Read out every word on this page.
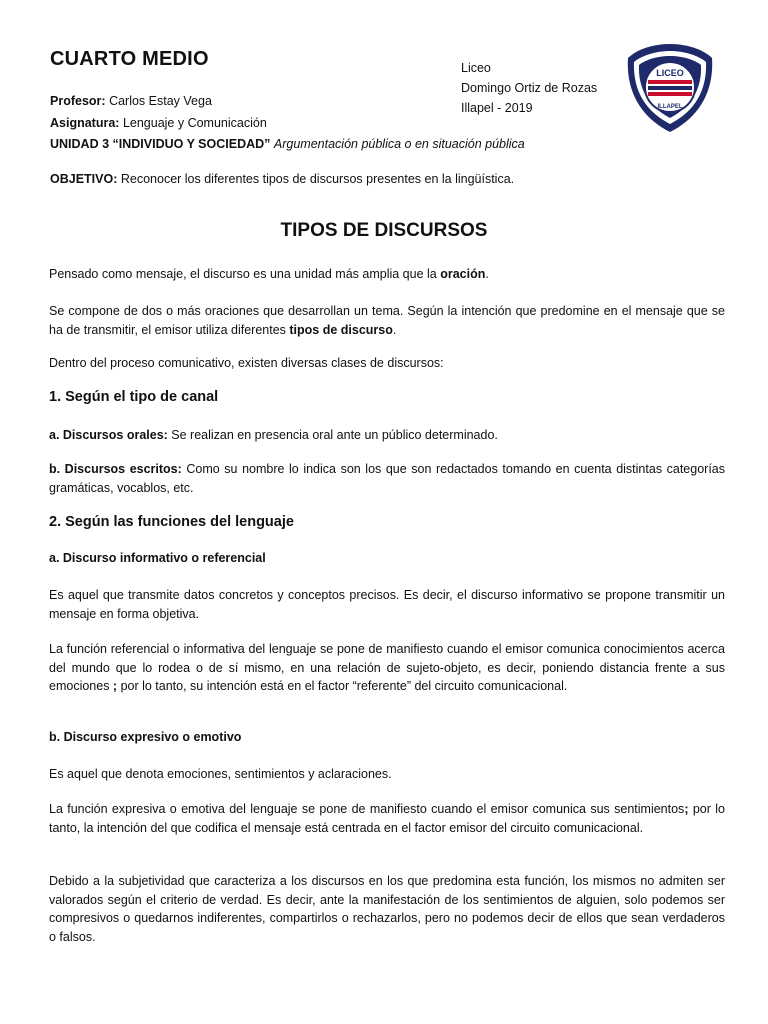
CUARTO MEDIO
Profesor: Carlos Estay Vega
Asignatura: Lenguaje y Comunicación
UNIDAD 3 “INDIVIDUO Y SOCIEDAD” Argumentación pública o en situación pública
OBJETIVO: Reconocer los diferentes tipos de discursos presentes en la lingüística.
Liceo
Domingo Ortiz de Rozas
Illapel - 2019
LICEO
ILLAPEL
TIPOS DE DISCURSOS
Pensado como mensaje, el discurso es una unidad más amplia que la oración.
Se compone de dos o más oraciones que desarrollan un tema. Según la intención que predomine en el mensaje que se ha de transmitir, el emisor utiliza diferentes tipos de discurso.
Dentro del proceso comunicativo, existen diversas clases de discursos:
1. Según el tipo de canal
a. Discursos orales: Se realizan en presencia oral ante un público determinado.
b. Discursos escritos: Como su nombre lo indica son los que son redactados tomando en cuenta distintas categorías gramáticas, vocablos, etc.
2. Según las funciones del lenguaje
a. Discurso informativo o referencial
Es aquel que transmite datos concretos y conceptos precisos. Es decir, el discurso informativo se propone transmitir un mensaje en forma objetiva.
La función referencial o informativa del lenguaje se pone de manifiesto cuando el emisor comunica conocimientos acerca del mundo que lo rodea o de sí mismo, en una relación de sujeto-objeto, es decir, poniendo distancia frente a sus emociones ; por lo tanto, su intención está en el factor “referente” del circuito comunicacional.
b. Discurso expresivo o emotivo
Es aquel que denota emociones, sentimientos y aclaraciones.
La función expresiva o emotiva del lenguaje se pone de manifiesto cuando el emisor comunica sus sentimientos; por lo tanto, la intención del que codifica el mensaje está centrada en el factor emisor del circuito comunicacional.
Debido a la subjetividad que caracteriza a los discursos en los que predomina esta función, los mismos no admiten ser valorados según el criterio de verdad. Es decir, ante la manifestación de los sentimientos de alguien, solo podemos ser compresivos o quedarnos indiferentes, compartirlos o rechazarlos, pero no podemos decir de ellos que sean verdaderos o falsos.
